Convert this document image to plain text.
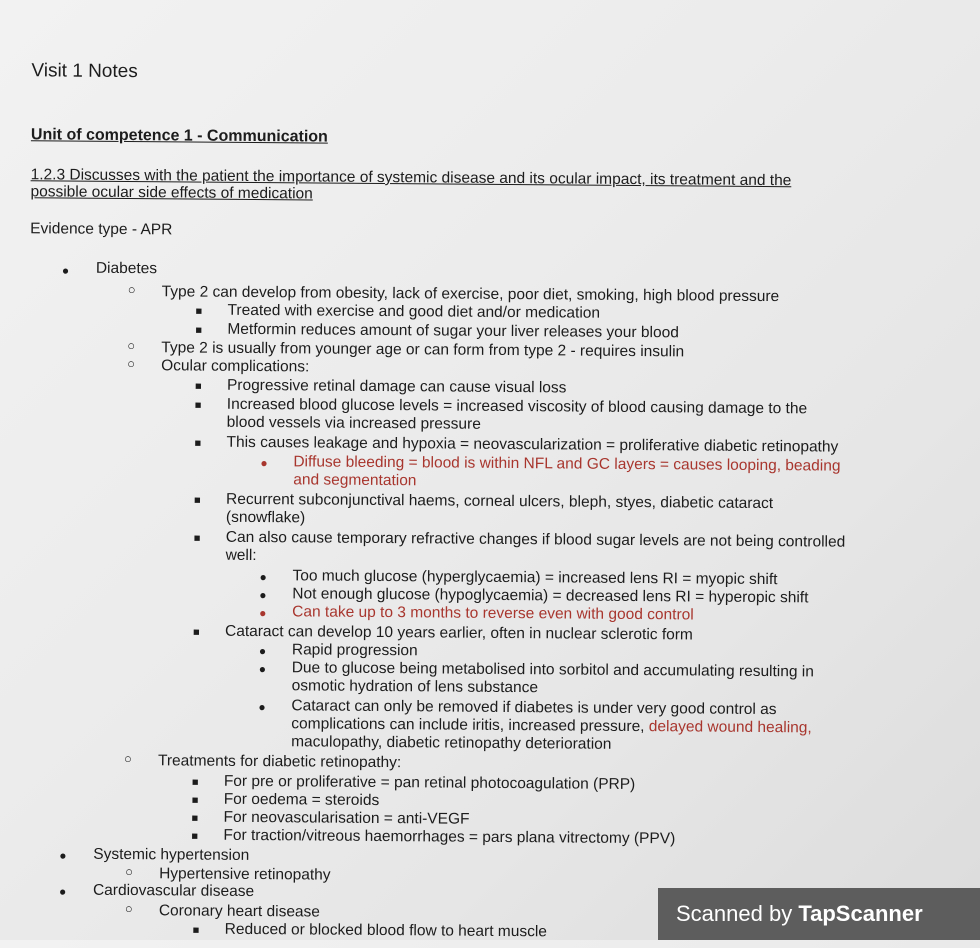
Visit 1 Notes
Unit of competence 1 - Communication
1.2.3 Discusses with the patient the importance of systemic disease and its ocular impact, its treatment and the possible ocular side effects of medication
Evidence type - APR
● Diabetes
○ Type 2 can develop from obesity, lack of exercise, poor diet, smoking, high blood pressure
■ Treated with exercise and good diet and/or medication
■ Metformin reduces amount of sugar your liver releases your blood
○ Type 2 is usually from younger age or can form from type 2 - requires insulin
○ Ocular complications:
■ Progressive retinal damage can cause visual loss
■ Increased blood glucose levels = increased viscosity of blood causing damage to the
blood vessels via increased pressure
■ This causes leakage and hypoxia = neovascularization = proliferative diabetic retinopathy
● Diffuse bleeding = blood is within NFL and GC layers = causes looping, beading
and segmentation
■ Recurrent subconjunctival haems, corneal ulcers, bleph, styes, diabetic cataract
(snowflake)
■ Can also cause temporary refractive changes if blood sugar levels are not being controlled
well:
● Too much glucose (hyperglycaemia) = increased lens RI = myopic shift
● Not enough glucose (hypoglycaemia) = decreased lens RI = hyperopic shift
● Can take up to 3 months to reverse even with good control
■ Cataract can develop 10 years earlier, often in nuclear sclerotic form
● Rapid progression
● Due to glucose being metabolised into sorbitol and accumulating resulting in
osmotic hydration of lens substance
● Cataract can only be removed if diabetes is under very good control as
complications can include iritis, increased pressure, delayed wound healing,
maculopathy, diabetic retinopathy deterioration
○ Treatments for diabetic retinopathy:
■ For pre or proliferative = pan retinal photocoagulation (PRP)
■ For oedema = steroids
■ For neovascularisation = anti-VEGF
■ For traction/vitreous haemorrhages = pars plana vitrectomy (PPV)
● Systemic hypertension
○ Hypertensive retinopathy
● Cardiovascular disease
○ Coronary heart disease
■ Reduced or blocked blood flow to heart muscle
Scanned by TapScanner
